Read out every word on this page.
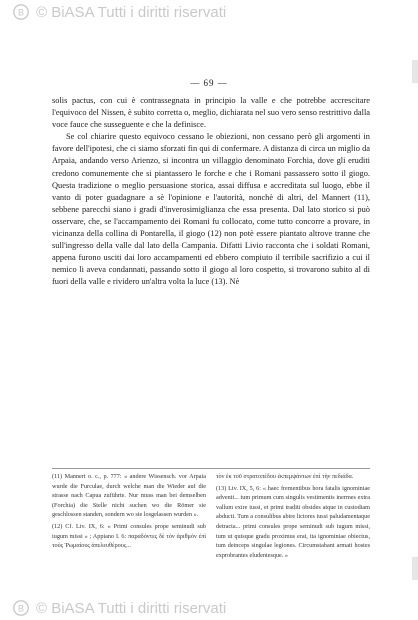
B © BiASA Tutti i diritti riservati
— 69 —

solis pactus, con cui è contrassegnata in principio la valle e che potrebbe accrescitare l'equivoco del Nissen, è subito corretta o, meglio, dichiarata nel suo vero senso restrittivo dalla voce fauce che susseguente e che la definisce.

Se col chiarire questo equivoco cessano le obiezioni, non cessano però gli argomenti in favore dell'ipotesi, che ci siamo sforzati fin qui di confermare. A distanza di circa un miglio da Arpaia, andando verso Arienzo, si incontra un villaggio denominato Forchia, dove gli eruditi credono comunemente che si piantassero le forche e che i Romani passassero sotto il giogo. Questa tradizione o meglio persuasione storica, assai diffusa e accreditata sul luogo, ebbe il vanto di poter guadagnare a sè l'opinione e l'autorità, nonchè di altri, del Mannert (11), sebbene parecchi siano i gradi d'inverosimiglianza che essa presenta. Dal lato storico si può osservare, che, se l'accampamento dei Romani fu collocato, come tutto concorre a provare, in vicinanza della collina di Pontarella, il giogo (12) non potè essere piantato altrove tranne che sull'ingresso della valle dal lato della Campania. Difatti Livio racconta che i soldati Romani, appena furono usciti dai loro accampamenti ed ebbero compiuto il terribile sacrifizio a cui il nemico li aveva condannati, passando sotto il giogo al loro cospetto, si trovarono subito al di fuori della valle e rividero un'altra volta la luce (13). Nè

(11) Mannert o. c., p. 777: « andere Wissensch. vor Arpaia wurde die Furculae, durch welche man die Wieder auf die strasse nach Capua zuführte. Nur muss man bei demselben (Forchia) die Stelle nicht suchen wo die Römer sie geschlossen standen, sondern wo sie losgelassen wurden ».

(12) Cf. Liv. IX, 6: « Primi consules prope seminudi sub iugum missi » ; Appiano I. 6: παραδόντες δὲ τὸν ἀριθμὸν ἐπὶ τοὺς Ῥωμαίους ἀπελευθέρους...

τὸν ἐκ τοῦ στρατοπέδου ἐκπεμψάντων ἐπὶ τὴν πεδιάδα.

(13) Liv. IX, 5, 6: « haec frementibus hora fatalis ignominiae advenit... tum primum cum singulis vestimentis inermes extra vallum exire iussi, et primi traditi obsides atque in custodiam abducti. Tum a consulibus abire lictores iussi paludamentaque detracta... primi consules prope seminudi sub iugum missi, tum ut quisque gradu proximus erat, ita ignominiae obiectus, tum deinceps singulae legiones. Circumstabant armati hostes exprobrantes eludentesque. »

B © BiASA Tutti i diritti riservati
